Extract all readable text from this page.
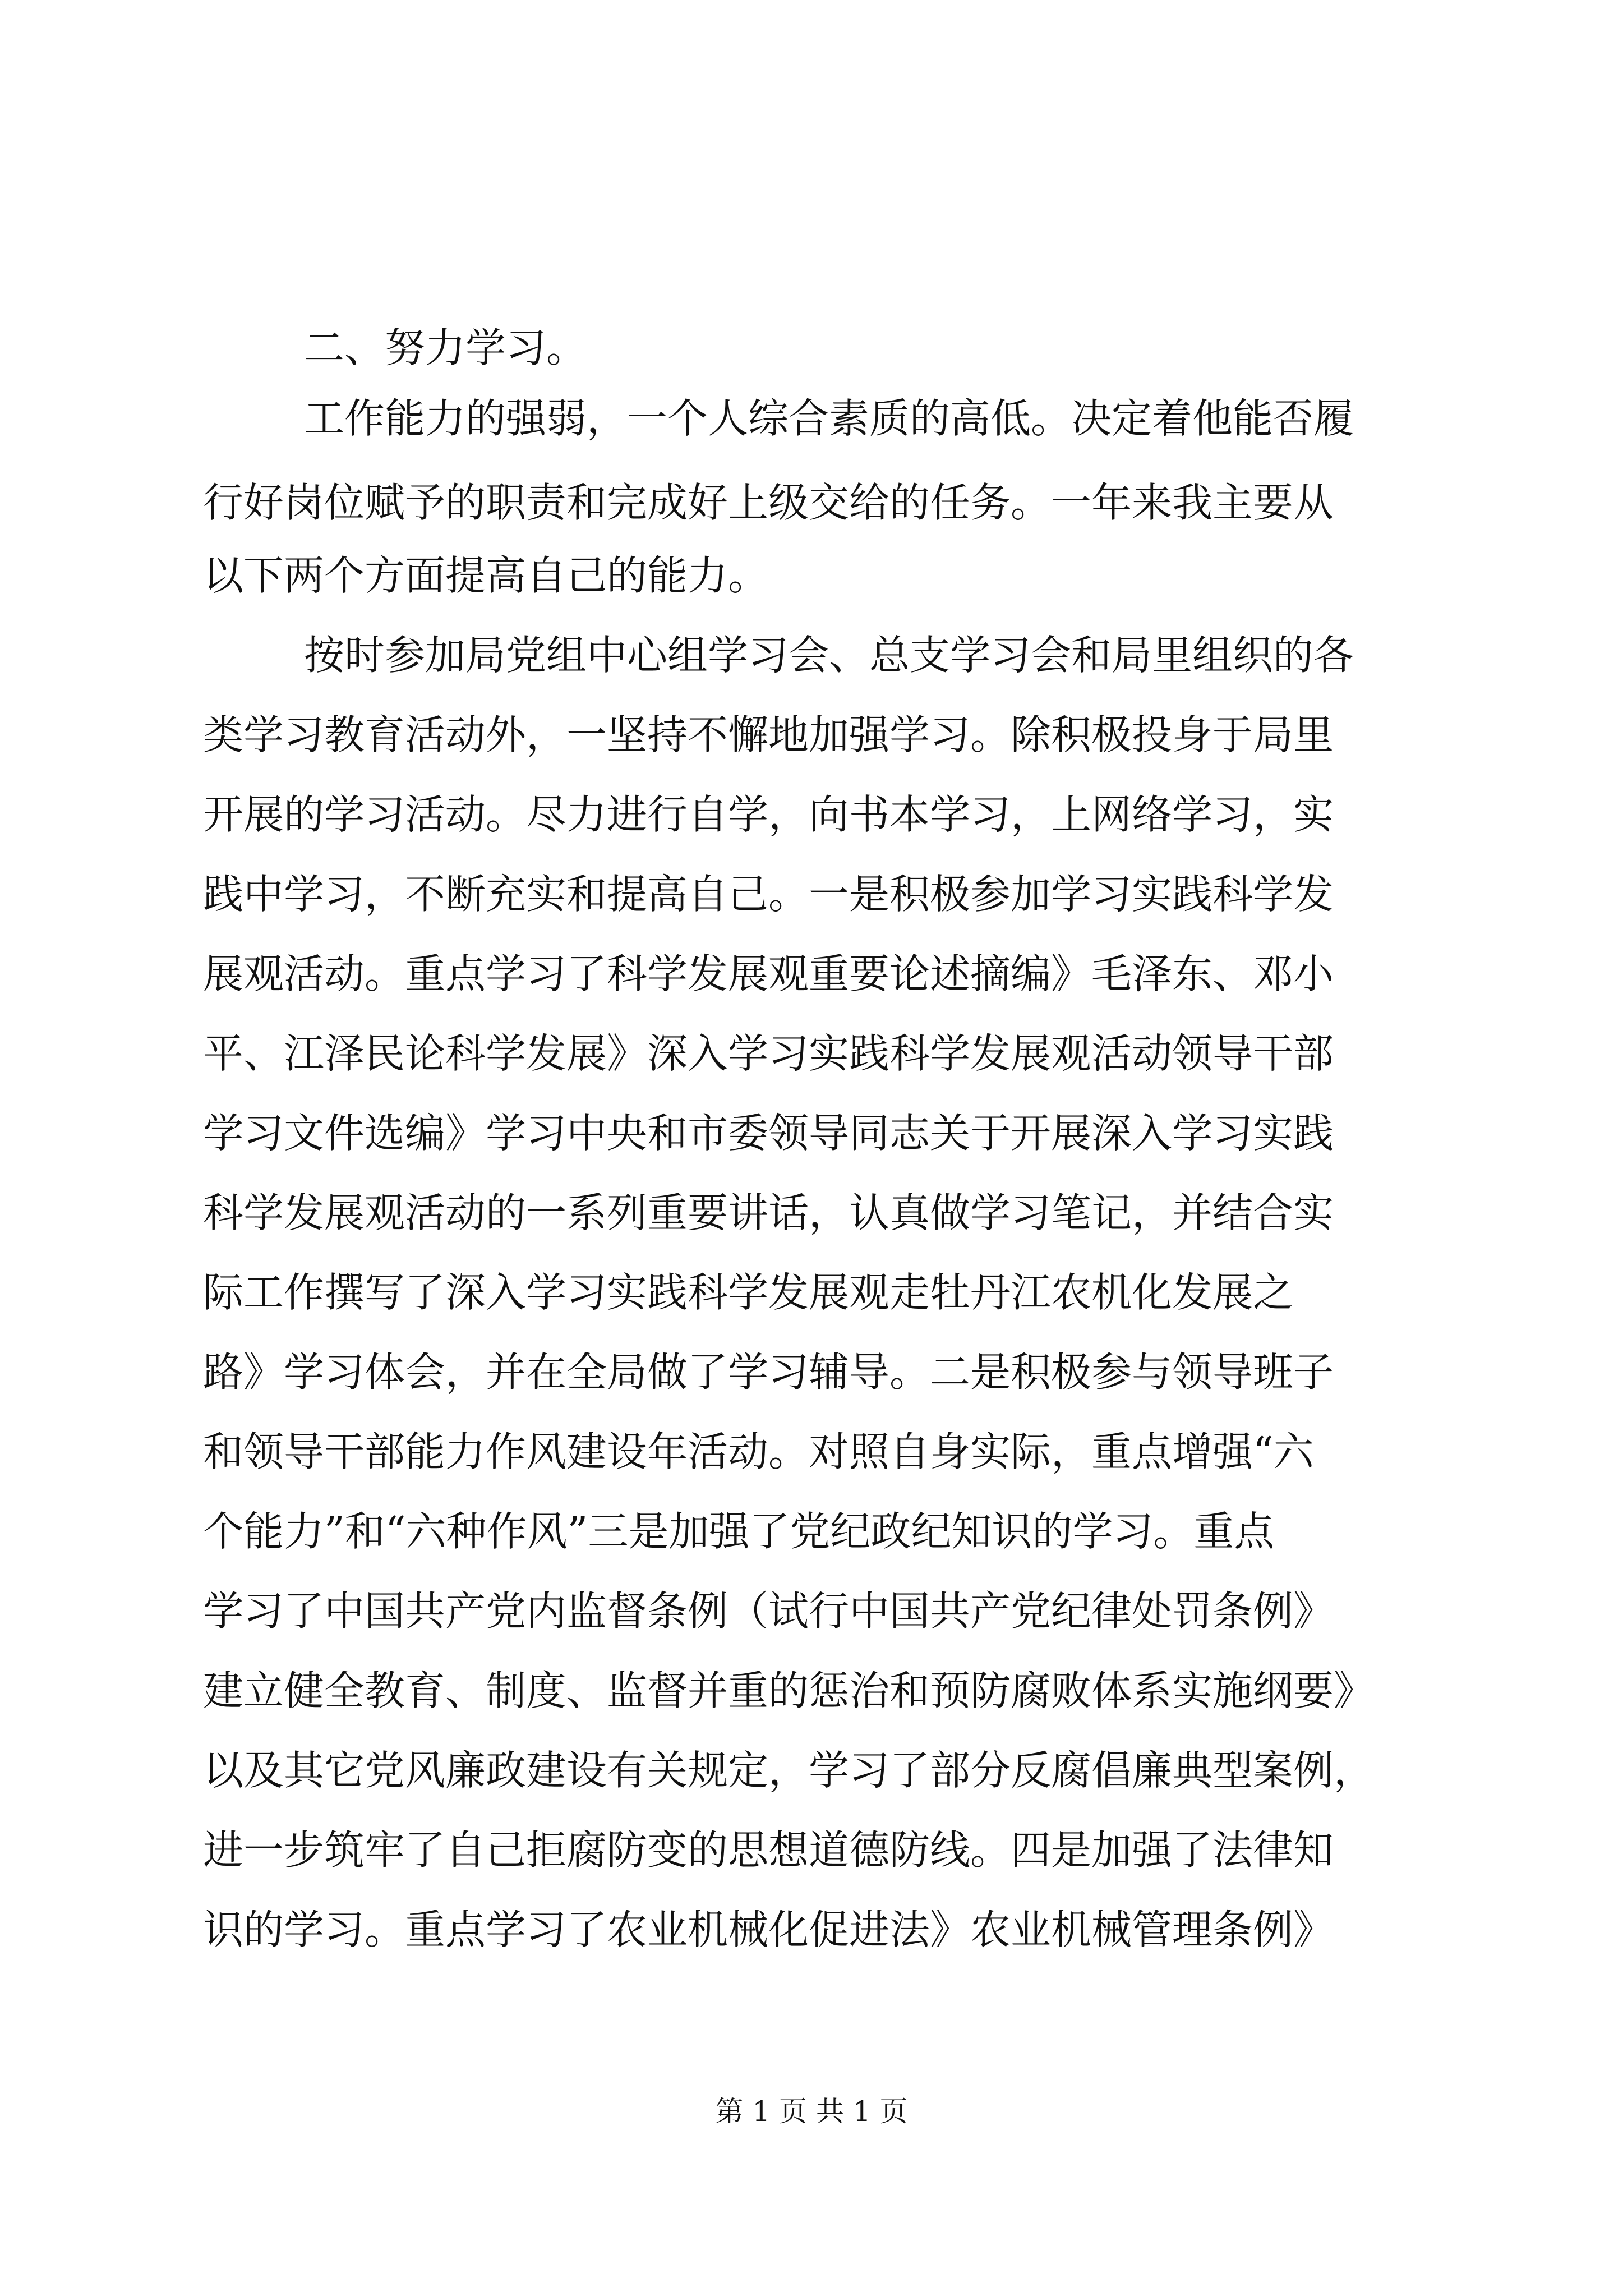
二、努力学习。
工作能力的强弱，一个人综合素质的高低。决定着他能否履
行好岗位赋予的职责和完成好上级交给的任务。一年来我主要从
以下两个方面提高自己的能力。
按时参加局党组中心组学习会、总支学习会和局里组织的各
类学习教育活动外，一坚持不懈地加强学习。除积极投身于局里
开展的学习活动。尽力进行自学，向书本学习，上网络学习，实
践中学习，不断充实和提高自己。一是积极参加学习实践科学发
展观活动。重点学习了科学发展观重要论述摘编》毛泽东、邓小
平、江泽民论科学发展》深入学习实践科学发展观活动领导干部
学习文件选编》学习中央和市委领导同志关于开展深入学习实践
科学发展观活动的一系列重要讲话，认真做学习笔记，并结合实
际工作撰写了深入学习实践科学发展观走牡丹江农机化发展之
路》学习体会，并在全局做了学习辅导。二是积极参与领导班子
和领导干部能力作风建设年活动。对照自身实际，重点增强“六
个能力”和“六种作风”三是加强了党纪政纪知识的学习。重点
学习了中国共产党内监督条例（试行中国共产党纪律处罚条例》
建立健全教育、制度、监督并重的惩治和预防腐败体系实施纲要》
以及其它党风廉政建设有关规定，学习了部分反腐倡廉典型案例，
进一步筑牢了自己拒腐防变的思想道德防线。四是加强了法律知
识的学习。重点学习了农业机械化促进法》农业机械管理条例》
第 1 页 共 1 页
